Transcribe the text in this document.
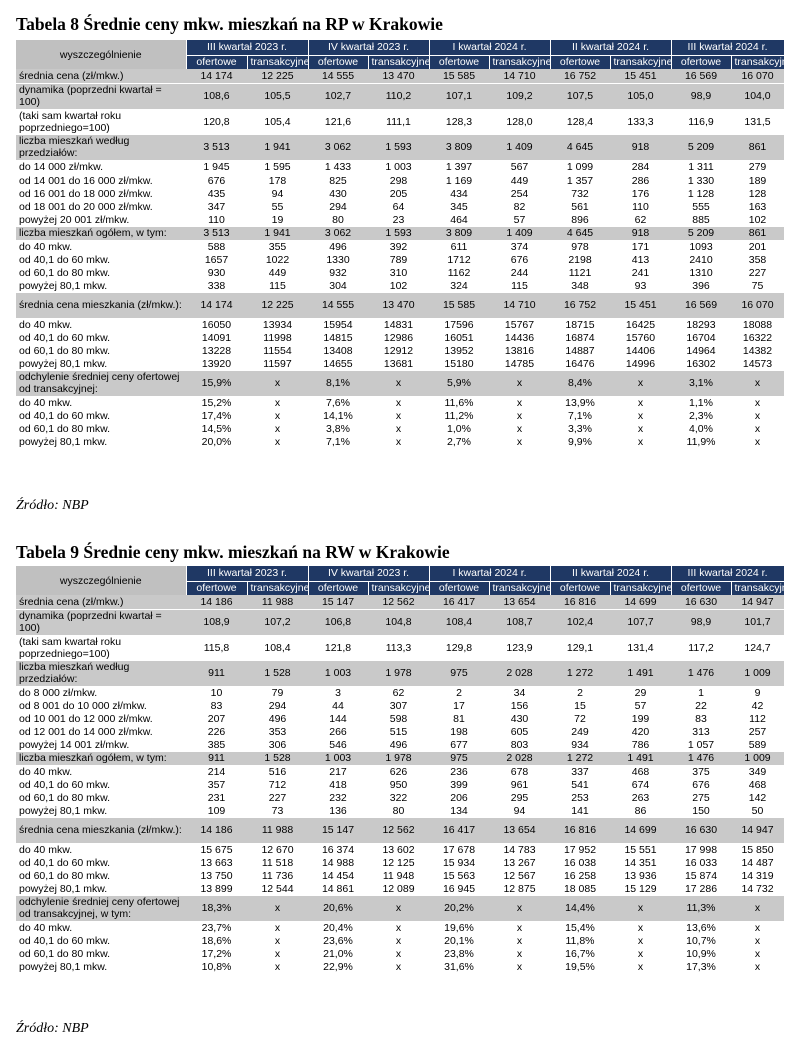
Tabela 8 Średnie ceny mkw. mieszkań na RP w Krakowie
wyszczególnienie	III kwartał 2023 r.		IV kwartał 2023 r.		I kwartał 2024 r.		II kwartał 2024 r.		III kwartał 2024 r.	
	ofertowe	transakcyjne	ofertowe	transakcyjne	ofertowe	transakcyjne	ofertowe	transakcyjne	ofertowe	transakcyjne
średnia cena (zł/mkw.)	14 174	12 225	14 555	13 470	15 585	14 710	16 752	15 451	16 569	16 070
dynamika (poprzedni kwartał = 100)	108,6	105,5	102,7	110,2	107,1	109,2	107,5	105,0	98,9	104,0
(taki sam kwartał roku poprzedniego=100)	120,8	105,4	121,6	111,1	128,3	128,0	128,4	133,3	116,9	131,5
liczba mieszkań według przedziałów:	3 513	1 941	3 062	1 593	3 809	1 409	4 645	918	5 209	861
do 14 000 zł/mkw.	1 945	1 595	1 433	1 003	1 397	567	1 099	284	1 311	279
od 14 001 do 16 000 zł/mkw.	676	178	825	298	1 169	449	1 357	286	1 330	189
od 16 001 do 18 000 zł/mkw.	435	94	430	205	434	254	732	176	1 128	128
od 18 001 do 20 000 zł/mkw.	347	55	294	64	345	82	561	110	555	163
powyżej 20 001 zł/mkw.	110	19	80	23	464	57	896	62	885	102
liczba mieszkań ogółem, w tym:	3 513	1 941	3 062	1 593	3 809	1 409	4 645	918	5 209	861
do 40 mkw.	588	355	496	392	611	374	978	171	1093	201
od 40,1 do 60 mkw.	1657	1022	1330	789	1712	676	2198	413	2410	358
od 60,1 do 80 mkw.	930	449	932	310	1162	244	1121	241	1310	227
powyżej 80,1 mkw.	338	115	304	102	324	115	348	93	396	75
średnia cena mieszkania (zł/mkw.):	14 174	12 225	14 555	13 470	15 585	14 710	16 752	15 451	16 569	16 070
do 40 mkw.	16050	13934	15954	14831	17596	15767	18715	16425	18293	18088
od 40,1 do 60 mkw.	14091	11998	14815	12986	16051	14436	16874	15760	16704	16322
od 60,1 do 80 mkw.	13228	11554	13408	12912	13952	13816	14887	14406	14964	14382
powyżej 80,1 mkw.	13920	11597	14655	13681	15180	14785	16476	14996	16302	14573
odchylenie średniej ceny ofertowej od transakcyjnej:	15,9%	x	8,1%	x	5,9%	x	8,4%	x	3,1%	x
do 40 mkw.	15,2%	x	7,6%	x	11,6%	x	13,9%	x	1,1%	x
od 40,1 do 60 mkw.	17,4%	x	14,1%	x	11,2%	x	7,1%	x	2,3%	x
od 60,1 do 80 mkw.	14,5%	x	3,8%	x	1,0%	x	3,3%	x	4,0%	x
powyżej 80,1 mkw.	20,0%	x	7,1%	x	2,7%	x	9,9%	x	11,9%	x
Źródło: NBP
Tabela 9 Średnie ceny mkw. mieszkań na RW w Krakowie
wyszczególnienie	III kwartał 2023 r.		IV kwartał 2023 r.		I kwartał 2024 r.		II kwartał 2024 r.		III kwartał 2024 r.	
	ofertowe	transakcyjne	ofertowe	transakcyjne	ofertowe	transakcyjne	ofertowe	transakcyjne	ofertowe	transakcyjne
średnia cena (zł/mkw.)	14 186	11 988	15 147	12 562	16 417	13 654	16 816	14 699	16 630	14 947
dynamika (poprzedni kwartał = 100)	108,9	107,2	106,8	104,8	108,4	108,7	102,4	107,7	98,9	101,7
(taki sam kwartał roku poprzedniego=100)	115,8	108,4	121,8	113,3	129,8	123,9	129,1	131,4	117,2	124,7
liczba mieszkań według przedziałów:	911	1 528	1 003	1 978	975	2 028	1 272	1 491	1 476	1 009
do 8 000 zł/mkw.	10	79	3	62	2	34	2	29	1	9
od 8 001 do 10 000 zł/mkw.	83	294	44	307	17	156	15	57	22	42
od 10 001 do 12 000 zł/mkw.	207	496	144	598	81	430	72	199	83	112
od 12 001 do 14 000 zł/mkw.	226	353	266	515	198	605	249	420	313	257
powyżej 14 001 zł/mkw.	385	306	546	496	677	803	934	786	1 057	589
liczba mieszkań ogółem, w tym:	911	1 528	1 003	1 978	975	2 028	1 272	1 491	1 476	1 009
do 40 mkw.	214	516	217	626	236	678	337	468	375	349
od 40,1 do 60 mkw.	357	712	418	950	399	961	541	674	676	468
od 60,1 do 80 mkw.	231	227	232	322	206	295	253	263	275	142
powyżej 80,1 mkw.	109	73	136	80	134	94	141	86	150	50
średnia cena mieszkania (zł/mkw.):	14 186	11 988	15 147	12 562	16 417	13 654	16 816	14 699	16 630	14 947
do 40 mkw.	15 675	12 670	16 374	13 602	17 678	14 783	17 952	15 551	17 998	15 850
od 40,1 do 60 mkw.	13 663	11 518	14 988	12 125	15 934	13 267	16 038	14 351	16 033	14 487
od 60,1 do 80 mkw.	13 750	11 736	14 454	11 948	15 563	12 567	16 258	13 936	15 874	14 319
powyżej 80,1 mkw.	13 899	12 544	14 861	12 089	16 945	12 875	18 085	15 129	17 286	14 732
odchylenie średniej ceny ofertowej od transakcyjnej, w tym:	18,3%	x	20,6%	x	20,2%	x	14,4%	x	11,3%	x
do 40 mkw.	23,7%	x	20,4%	x	19,6%	x	15,4%	x	13,6%	x
od 40,1 do 60 mkw.	18,6%	x	23,6%	x	20,1%	x	11,8%	x	10,7%	x
od 60,1 do 80 mkw.	17,2%	x	21,0%	x	23,8%	x	16,7%	x	10,9%	x
powyżej 80,1 mkw.	10,8%	x	22,9%	x	31,6%	x	19,5%	x	17,3%	x
Źródło: NBP
